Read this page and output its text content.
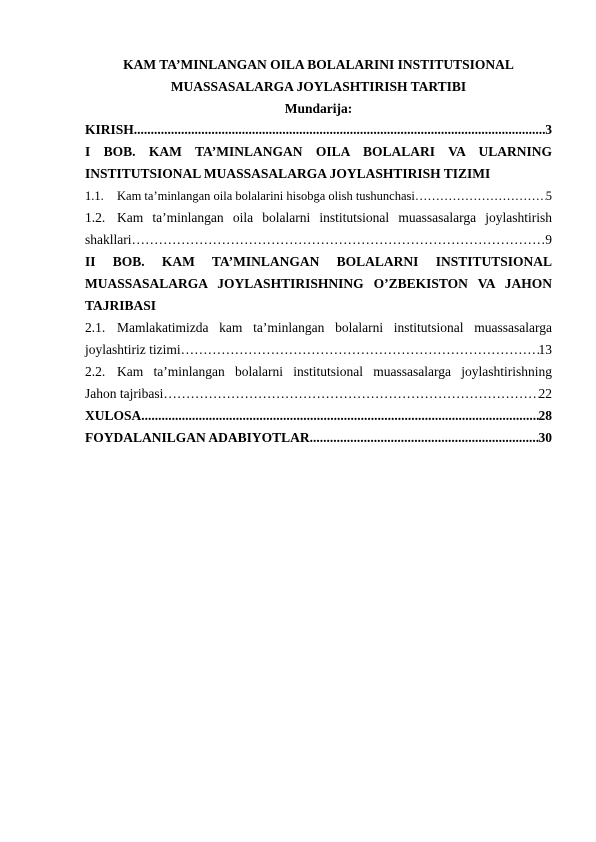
KAM TA’MINLANGAN OILA BOLALARINI INSTITUTSIONAL
MUASSASALARGA JOYLASHTIRISH TARTIBI
Mundarija:
KIRISH .....	3
I BOB. KAM TA’MINLANGAN OILA BOLALARI VA ULARNING
INSTITUTSIONAL MUASSASALARGA JOYLASHTIRISH TIZIMI
1.1. Kam ta’minlangan oila bolalarini hisobga olish tushunchasi ……………………………………………………………………………………………………………………………………………………………………………………………………………………………………………………………………………………………………………………………………………………………………	5
1.2. Kam ta’minlangan oila bolalarni institutsional muassasalarga joylashtirish
shakllari ……………………………………………………………………………………………………………………………………………………………………………………………………………………………………………………………………………………………………………………………………………………………………	9
II BOB. KAM TA’MINLANGAN BOLALARNI INSTITUTSIONAL
MUASSASALARGA JOYLASHTIRISHNING O’ZBEKISTON VA JAHON
TAJRIBASI
2.1. Mamlakatimizda kam ta’minlangan bolalarni institutsional muassasalarga
joylashtiriz tizimi ……………………………………………………………………………………………………………………………………………………………………………………………………………………………………………………………………………………………………………………………………………………………………	13
2.2. Kam ta’minlangan bolalarni institutsional muassasalarga joylashtirishning
Jahon tajribasi ……………………………………………………………………………………………………………………………………………………………………………………………………………………………………………………………………………………………………………………………………………………………………	22
XULOSA .....	28
FOYDALANILGAN ADABIYOTLAR .....	30
